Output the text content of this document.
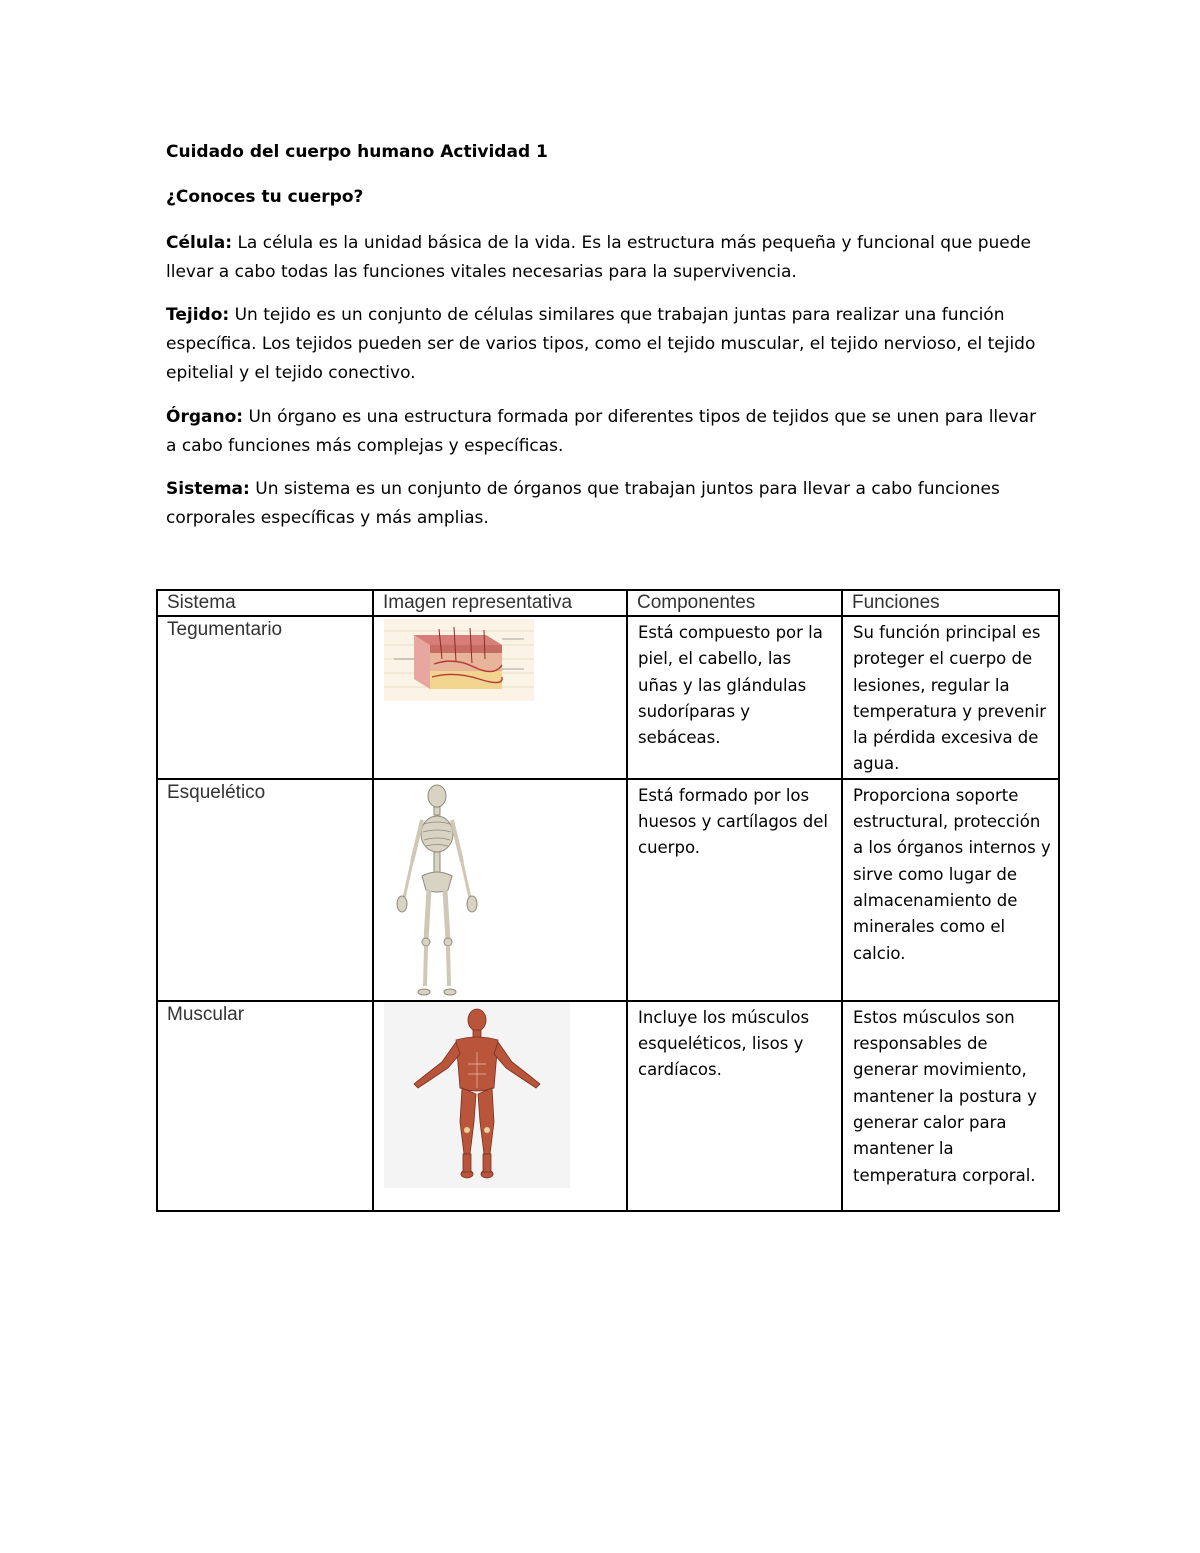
Cuidado del cuerpo humano Actividad 1
¿Conoces tu cuerpo?
Célula: La célula es la unidad básica de la vida. Es la estructura más pequeña y funcional que puede llevar a cabo todas las funciones vitales necesarias para la supervivencia.
Tejido: Un tejido es un conjunto de células similares que trabajan juntas para realizar una función específica. Los tejidos pueden ser de varios tipos, como el tejido muscular, el tejido nervioso, el tejido epitelial y el tejido conectivo.
Órgano: Un órgano es una estructura formada por diferentes tipos de tejidos que se unen para llevar a cabo funciones más complejas y específicas.
Sistema: Un sistema es un conjunto de órganos que trabajan juntos para llevar a cabo funciones corporales específicas y más amplias.
Sistema	Imagen representativa	Componentes	Funciones

Tegumentario		Está compuesto por la piel, el cabello, las uñas y las glándulas sudoríparas y sebáceas.	Su función principal es proteger el cuerpo de lesiones, regular la temperatura y prevenir la pérdida excesiva de agua.

Esquelético		Está formado por los huesos y cartílagos del cuerpo.	Proporciona soporte estructural, protección a los órganos internos y sirve como lugar de almacenamiento de minerales como el calcio.

Muscular		Incluye los músculos esqueléticos, lisos y cardíacos.	Estos músculos son responsables de generar movimiento, mantener la postura y generar calor para mantener la temperatura corporal.
